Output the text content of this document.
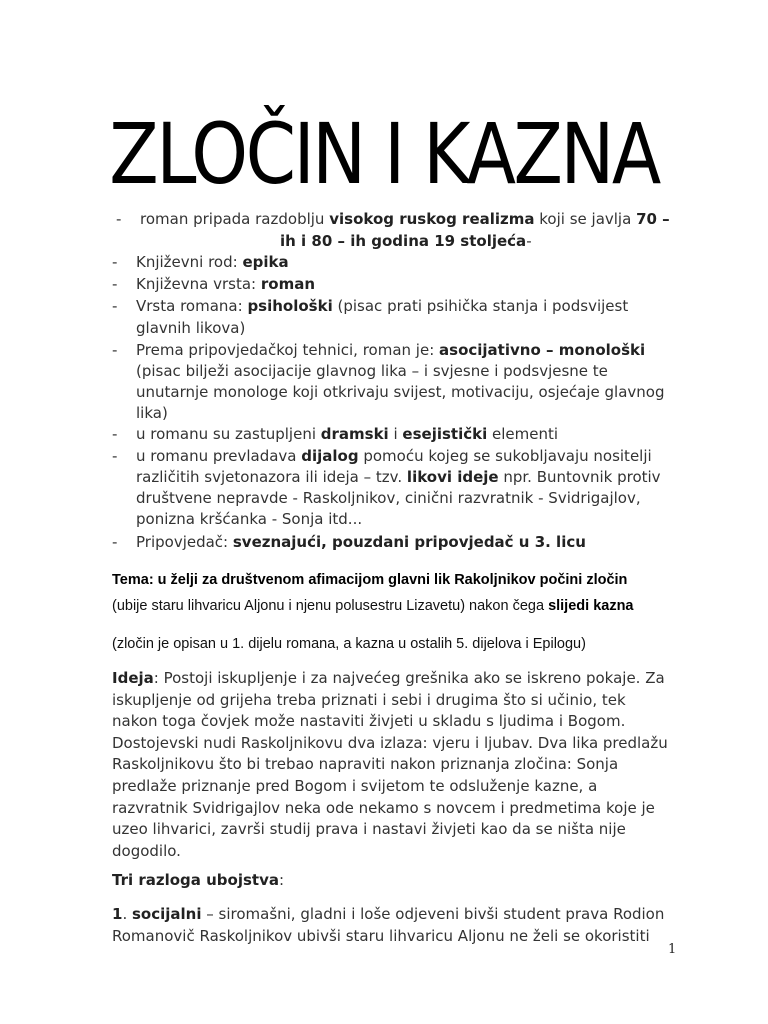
ZLOČIN I KAZNA
- roman pripada razdoblju visokog ruskog realizma koji se javlja 70 –
ih i 80 – ih godina 19 stoljeća-
- Književni rod: epika
- Književna vrsta: roman
- Vrsta romana: psihološki (pisac prati psihička stanja i podsvijest
glavnih likova)
- Prema pripovjedačkoj tehnici, roman je: asocijativno – monološki
(pisac bilježi asocijacije glavnog lika – i svjesne i podsvjesne te
unutarnje monologe koji otkrivaju svijest, motivaciju, osjećaje glavnog
lika)
- u romanu su zastupljeni dramski i esejistički elementi
- u romanu prevladava dijalog pomoću kojeg se sukobljavaju nositelji
različitih svjetonazora ili ideja – tzv. likovi ideje npr. Buntovnik protiv
društvene nepravde - Raskoljnikov, cinični razvratnik - Svidrigajlov,
ponizna kršćanka - Sonja itd...
- Pripovjedač: sveznajući, pouzdani pripovjedač u 3. licu
Tema: u želji za društvenom afimacijom glavni lik Rakoljnikov počini zločin
(ubije staru lihvaricu Aljonu i njenu polusestru Lizavetu) nakon čega slijedi kazna
(zločin je opisan u 1. dijelu romana, a kazna u ostalih 5. dijelova i Epilogu)
Ideja: Postoji iskupljenje i za najvećeg grešnika ako se iskreno pokaje. Za
iskupljenje od grijeha treba priznati i sebi i drugima što si učinio, tek
nakon toga čovjek može nastaviti živjeti u skladu s ljudima i Bogom.
Dostojevski nudi Raskoljnikovu dva izlaza: vjeru i ljubav. Dva lika predlažu
Raskoljnikovu što bi trebao napraviti nakon priznanja zločina: Sonja
predlaže priznanje pred Bogom i svijetom te odsluženje kazne, a
razvratnik Svidrigajlov neka ode nekamo s novcem i predmetima koje je
uzeo lihvarici, završi studij prava i nastavi živjeti kao da se ništa nije
dogodilo.
Tri razloga ubojstva:
1. socijalni – siromašni, gladni i loše odjeveni bivši student prava Rodion
Romanovič Raskoljnikov ubivši staru lihvaricu Aljonu ne želi se okoristiti
1
